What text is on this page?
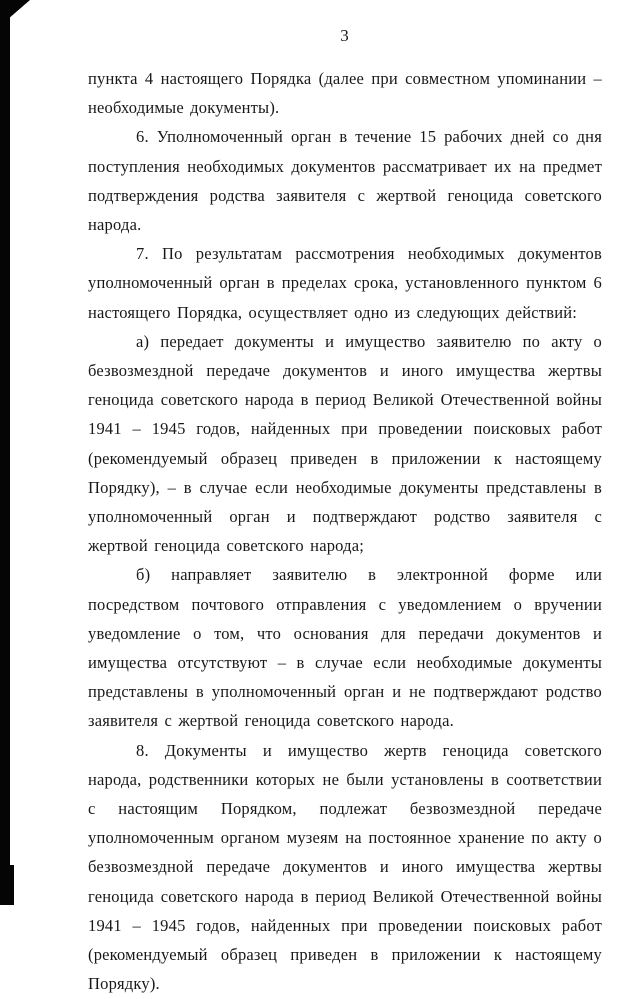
3

пункта 4 настоящего Порядка (далее при совместном упоминании – необходимые документы).

6. Уполномоченный орган в течение 15 рабочих дней со дня поступления необходимых документов рассматривает их на предмет подтверждения родства заявителя с жертвой геноцида советского народа.

7. По результатам рассмотрения необходимых документов уполномоченный орган в пределах срока, установленного пунктом 6 настоящего Порядка, осуществляет одно из следующих действий:

а) передает документы и имущество заявителю по акту о безвозмездной передаче документов и иного имущества жертвы геноцида советского народа в период Великой Отечественной войны 1941 – 1945 годов, найденных при проведении поисковых работ (рекомендуемый образец приведен в приложении к настоящему Порядку), – в случае если необходимые документы представлены в уполномоченный орган и подтверждают родство заявителя с жертвой геноцида советского народа;

б) направляет заявителю в электронной форме или посредством почтового отправления с уведомлением о вручении уведомление о том, что основания для передачи документов и имущества отсутствуют – в случае если необходимые документы представлены в уполномоченный орган и не подтверждают родство заявителя с жертвой геноцида советского народа.

8. Документы и имущество жертв геноцида советского народа, родственники которых не были установлены в соответствии с настоящим Порядком, подлежат безвозмездной передаче уполномоченным органом музеям на постоянное хранение по акту о безвозмездной передаче документов и иного имущества жертвы геноцида советского народа в период Великой Отечественной войны 1941 – 1945 годов, найденных при проведении поисковых работ (рекомендуемый образец приведен в приложении к настоящему Порядку).
